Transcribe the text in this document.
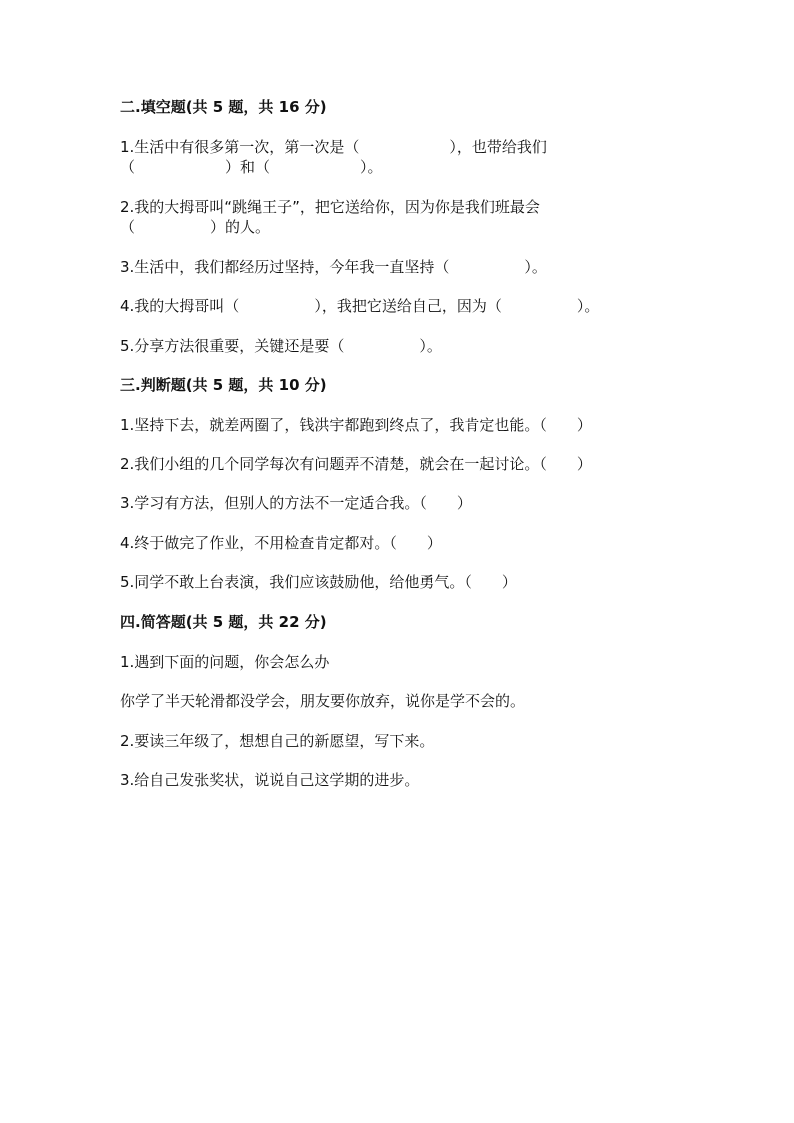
二.填空题(共 5 题，共 16 分)
1.生活中有很多第一次，第一次是（　　　　　　），也带给我们
（　　　　　　）和（　　　　　　）。
2.我的大拇哥叫“跳绳王子”，把它送给你，因为你是我们班最会
（　　　　　）的人。
3.生活中，我们都经历过坚持，今年我一直坚持（　　　　　）。
4.我的大拇哥叫（　　　　　），我把它送给自己，因为（　　　　　）。
5.分享方法很重要，关键还是要（　　　　　）。
三.判断题(共 5 题，共 10 分)
1.坚持下去，就差两圈了，钱洪宇都跑到终点了，我肯定也能。（　　）
2.我们小组的几个同学每次有问题弄不清楚，就会在一起讨论。（　　）
3.学习有方法，但别人的方法不一定适合我。（　　）
4.终于做完了作业，不用检查肯定都对。（　　）
5.同学不敢上台表演，我们应该鼓励他，给他勇气。（　　）
四.简答题(共 5 题，共 22 分)
1.遇到下面的问题，你会怎么办
你学了半天轮滑都没学会，朋友要你放弃，说你是学不会的。
2.要读三年级了，想想自己的新愿望，写下来。
3.给自己发张奖状，说说自己这学期的进步。
